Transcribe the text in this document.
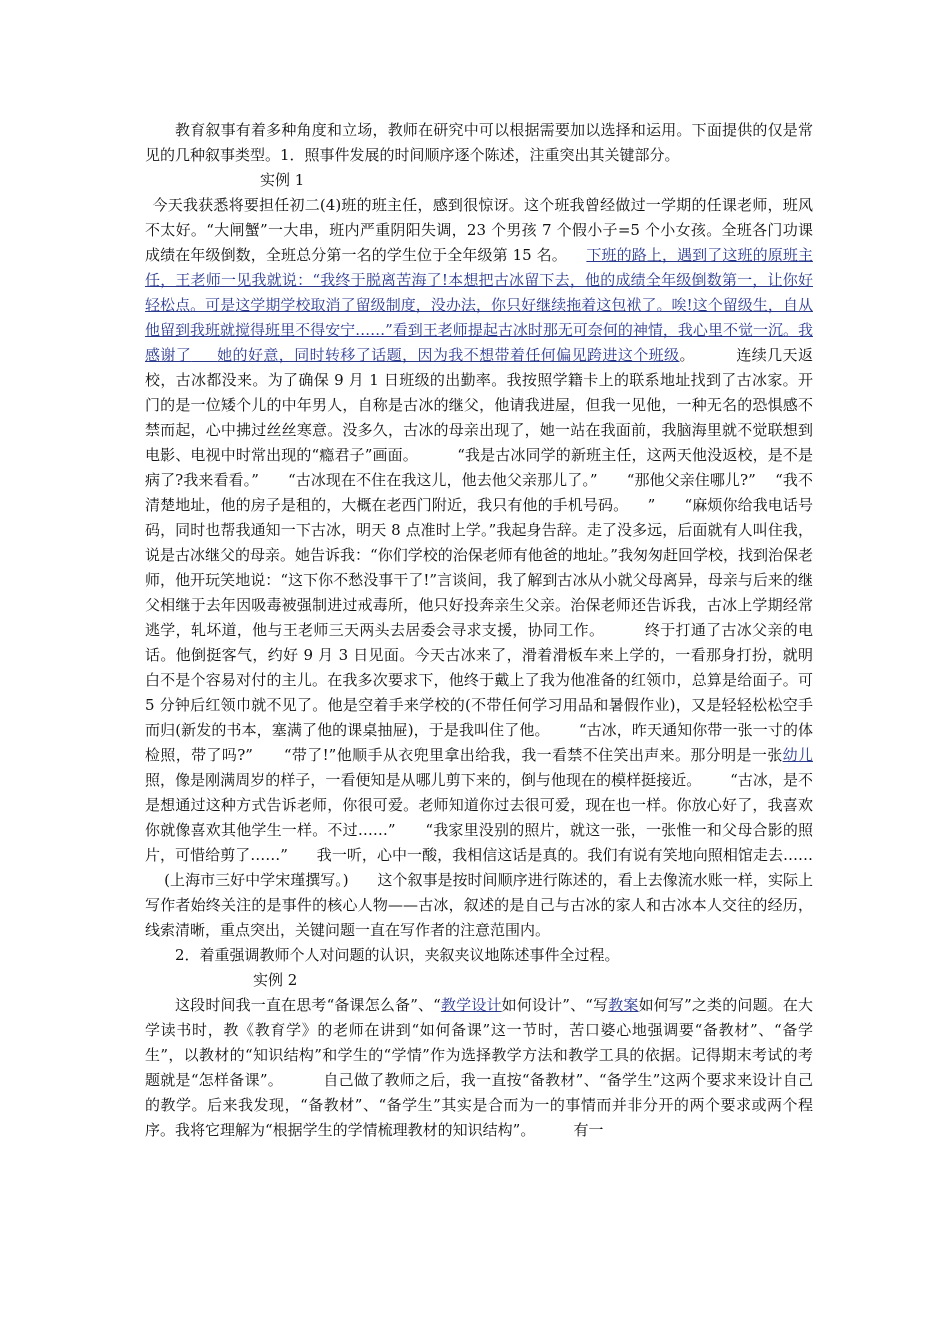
教育叙事有着多种角度和立场，教师在研究中可以根据需要加以选择和运用。下面提供的仅是常见的几种叙事类型。1．照事件发展的时间顺序逐个陈述，注重突出其关键部分。

实例 1

今天我获悉将要担任初二(4)班的班主任，感到很惊讶。这个班我曾经做过一学期的任课老师，班风不太好。“大闸蟹”一大串，班内严重阴阳失调，23 个男孩 7 个假小子=5 个小女孩。全班各门功课成绩在年级倒数，全班总分第一名的学生位于全年级第 15 名。 下班的路上，遇到了这班的原班主任，王老师一见我就说：“我终于脱离苦海了!本想把古冰留下去，他的成绩全年级倒数第一，让你好轻松点。可是这学期学校取消了留级制度，没办法，你只好继续拖着这包袱了。唉!这个留级生，自从他留到我班就搅得班里不得安宁……”看到王老师提起古冰时那无可奈何的神情，我心里不觉一沉。我感谢了 她的好意，同时转移了话题，因为我不想带着任何偏见跨进这个班级。	连续几天返校，古冰都没来。为了确保 9 月 1 日班级的出勤率。我按照学籍卡上的联系地址找到了古冰家。开门的是一位矮个儿的中年男人，自称是古冰的继父，他请我进屋，但我一见他，一种无名的恐惧感不禁而起，心中拂过丝丝寒意。没多久，古冰的母亲出现了，她一站在我面前，我脑海里就不觉联想到电影、电视中时常出现的“瘾君子”画面。	“我是古冰同学的新班主任，这两天他没返校，是不是病了?我来看看。” “古冰现在不住在我这儿，他去他父亲那儿了。” “那他父亲住哪儿?” “我不清楚地址，他的房子是租的，大概在老西门附近，我只有他的手机号码。 ” “麻烦你给我电话号码，同时也帮我通知一下古冰，明天 8 点准时上学。”我起身告辞。走了没多远，后面就有人叫住我，说是古冰继父的母亲。她告诉我：“你们学校的治保老师有他爸的地址。”我匆匆赶回学校，找到治保老师，他开玩笑地说：“这下你不愁没事干了!”言谈间，我了解到古冰从小就父母离异，母亲与后来的继父相继于去年因吸毒被强制进过戒毒所，他只好投奔亲生父亲。治保老师还告诉我，古冰上学期经常逃学，轧坏道，他与王老师三天两头去居委会寻求支援，协同工作。	终于打通了古冰父亲的电话。他倒挺客气，约好 9 月 3 日见面。今天古冰来了，滑着滑板车来上学的，一看那身打扮，就明白不是个容易对付的主儿。在我多次要求下，他终于戴上了我为他准备的红领巾，总算是给面子。可 5 分钟后红领巾就不见了。他是空着手来学校的(不带任何学习用品和暑假作业)，又是轻轻松松空手而归(新发的书本，塞满了他的课桌抽屉)，于是我叫住了他。 “古冰，昨天通知你带一张一寸的体检照，带了吗?” “带了!”他顺手从衣兜里拿出给我，我一看禁不住笑出声来。那分明是一张幼儿照，像是刚满周岁的样子，一看便知是从哪儿剪下来的，倒与他现在的模样挺接近。 “古冰，是不是想通过这种方式告诉老师，你很可爱。老师知道你过去很可爱，现在也一样。你放心好了，我喜欢你就像喜欢其他学生一样。不过……” “我家里没别的照片，就这一张，一张惟一和父母合影的照片，可惜给剪了……” 我一听，心中一酸，我相信这话是真的。我们有说有笑地向照相馆走去……    (上海市三好中学宋瑾撰写。) 这个叙事是按时间顺序进行陈述的，看上去像流水账一样，实际上写作者始终关注的是事件的核心人物——古冰，叙述的是自己与古冰的家人和古冰本人交往的经历，线索清晰，重点突出，关键问题一直在写作者的注意范围内。

2．着重强调教师个人对问题的认识，夹叙夹议地陈述事件全过程。

实例 2

这段时间我一直在思考“备课怎么备”、“教学设计如何设计”、“写教案如何写”之类的问题。在大学读书时，教《教育学》的老师在讲到“如何备课”这一节时，苦口婆心地强调要“备教材”、“备学生”，以教材的“知识结构”和学生的“学情”作为选择教学方法和教学工具的依据。记得期末考试的考题就是“怎样备课”。	自己做了教师之后，我一直按“备教材”、“备学生”这两个要求来设计自己的教学。后来我发现，“备教材”、“备学生”其实是合而为一的事情而并非分开的两个要求或两个程序。我将它理解为“根据学生的学情梳理教材的知识结构”。	有一
